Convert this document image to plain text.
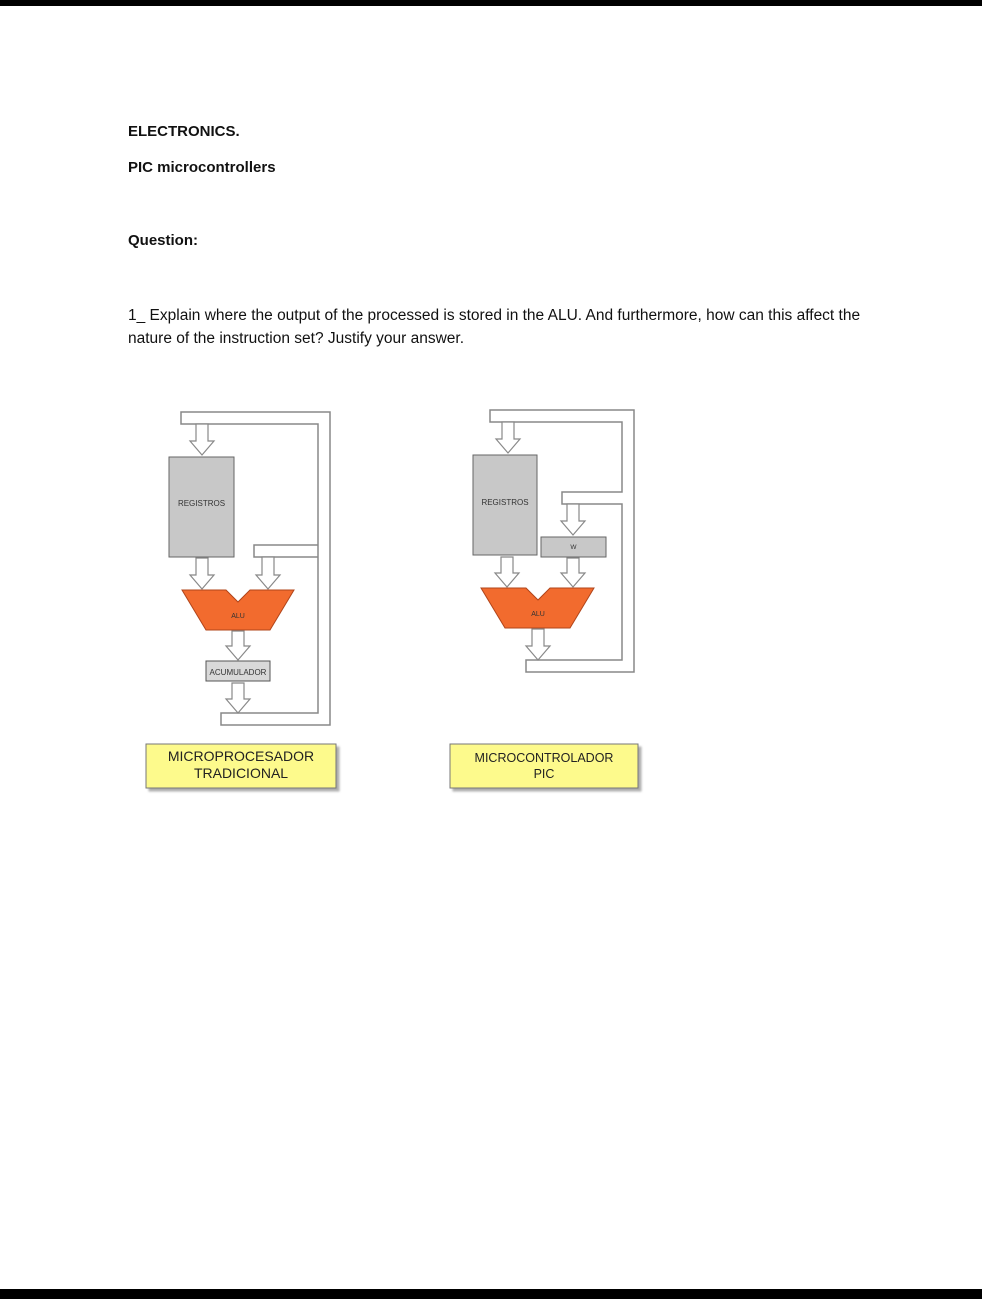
ELECTRONICS.
PIC microcontrollers
Question:
1_ Explain where the output of the processed is stored in the ALU. And furthermore, how can this affect the nature of the instruction set? Justify your answer.
REGISTROS
ALU
ACUMULADOR
MICROPROCESADOR
TRADICIONAL
REGISTROS
W
ALU
MICROCONTROLADOR
PIC
